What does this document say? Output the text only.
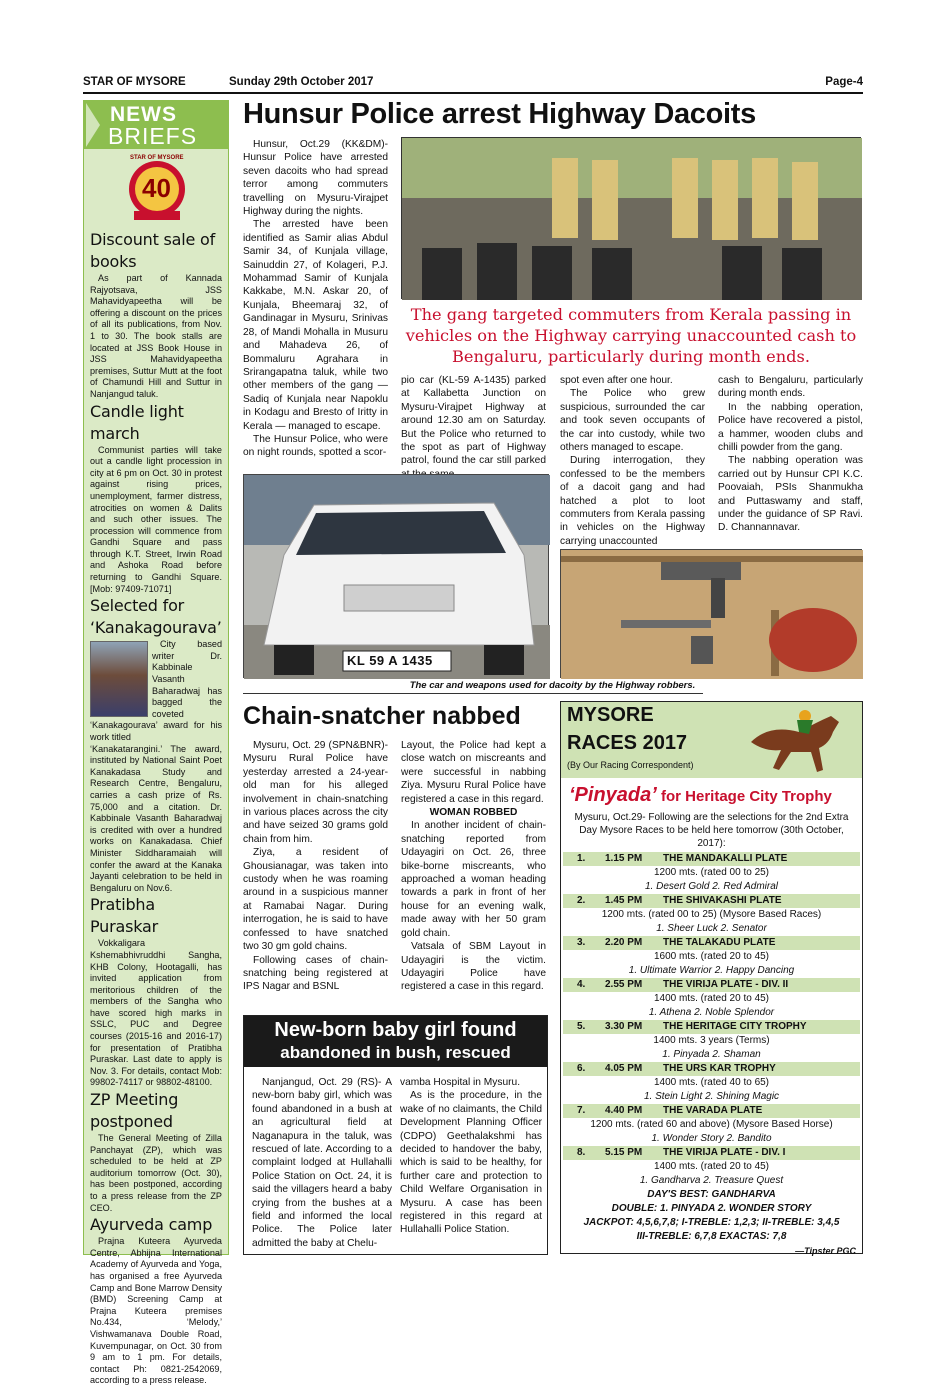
STAR OF MYSORE	Sunday 29th October 2017	Page-4
NEWS
BRIEFS
STAR OF MYSORE
40
Discount sale of books

As part of Kannada Rajyotsava, JSS Mahavidyapeetha will be offering a discount on the prices of all its publications, from Nov. 1 to 30. The book stalls are located at JSS Book House in JSS Mahavidyapeetha premises, Suttur Mutt at the foot of Chamundi Hill and Suttur in Nanjangud taluk.

Candle light march

Communist parties will take out a candle light procession in city at 6 pm on Oct. 30 in protest against rising prices, unemployment, farmer distress, atrocities on women & Dalits and such other issues. The procession will commence from Gandhi Square and pass through K.T. Street, Irwin Road and Ashoka Road before returning to Gandhi Square. [Mob: 97409-71071]

Selected for ‘Kanakagourava’

City based writer Dr. Kabbinale Vasanth Baharadwaj has bagged the coveted ‘Kanakagourava’ award for his work titled

‘Kanakatarangini.’ The award, instituted by National Saint Poet Kanakadasa Study and Research Centre, Bengaluru, carries a cash prize of Rs. 75,000 and a citation. Dr. Kabbinale Vasanth Baharadwaj is credited with over a hundred works on Kanakadasa. Chief Minister Siddharamaiah will confer the award at the Kanaka Jayanti celebration to be held in Bengaluru on Nov.6.

Pratibha Puraskar

Vokkaligara Kshemabhivruddhi Sangha, KHB Colony, Hootagalli, has invited application from meritorious children of the members of the Sangha who have scored high marks in SSLC, PUC and Degree courses (2015-16 and 2016-17) for presentation of Pratibha Puraskar. Last date to apply is Nov. 3. For details, contact Mob: 99802-74117 or 98802-48100.

ZP Meeting postponed

The General Meeting of Zilla Panchayat (ZP), which was scheduled to be held at ZP auditorium tomorrow (Oct. 30), has been postponed, according to a press release from the ZP CEO.

Ayurveda camp

Prajna Kuteera Ayurveda Centre, Abhijna International Academy of Ayurveda and Yoga, has organised a free Ayurveda Camp and Bone Marrow Density (BMD) Screening Camp at Prajna Kuteera premises No.434, ‘Melody,’ Vishwamanava Double Road, Kuvempunagar, on Oct. 30 from 9 am to 1 pm. For details, contact Ph: 0821-2542069, according to a press release.

Hunsur Police arrest Highway Dacoits

Hunsur, Oct.29 (KK&DM)- Hunsur Police have arrested seven dacoits who had spread terror among commuters travelling on Mysuru-Virajpet Highway during the nights.

The arrested have been identified as Samir alias Abdul Samir 34, of Kunjala village, Sainuddin 27, of Kolageri, P.J. Mohammad Samir of Kunjala Kakkabe, M.N. Askar 20, of Kunjala, Bheemaraj 32, of Gandinagar in Mysuru, Srinivas 28, of Mandi Mohalla in Musuru and Mahadeva 26, of Bommaluru Agrahara in Srirangapatna taluk, while two other members of the gang — Sadiq of Kunjala near Napoklu in Kodagu and Bresto of Iritty in Kerala — managed to escape.

The Hunsur Police, who were on night rounds, spotted a scor-

The gang targeted commuters from Kerala passing in vehicles on the Highway carrying unaccounted cash to Bengaluru, particularly during month ends.

pio car (KL-59 A-1435) parked at Kallabetta Junction on Mysuru-Virajpet Highway at around 12.30 am on Saturday. But the Police who returned to the spot as part of Highway patrol, found the car still parked

spot even after one hour.

The Police who grew suspicious, surrounded the car and took seven occupants of the car into custody, while two others managed to escape.

During interrogation, they confessed to be the members of a dacoit gang and had hatched a plot to loot commuters from Kerala passing in vehicles on the Highway carrying unaccounted

cash to Bengaluru, particularly during month ends.

In the nabbing operation, Police have recovered a pistol, a hammer, wooden clubs and chilli powder from the gang.

The nabbing operation was carried out by Hunsur CPI K.C. Poovaiah, PSIs Shanmukha and Puttaswamy and staff, under the guidance of SP Ravi. D. Channannavar.

KL 59 A 1435
The car and weapons used for dacoity by the Highway robbers.
Chain-snatcher nabbed

Mysuru, Oct. 29 (SPN&BNR)- Mysuru Rural Police have yesterday arrested a 24-year-old man for his alleged involvement in chain-snatching in various places across the city and have seized 30 grams gold chain from him.

Ziya, a resident of Ghousianagar, was taken into custody when he was roaming around in a suspicious manner at Ramabai Nagar. During interrogation, he is said to have confessed to have snatched two 30 gm gold chains.

Following cases of chain-snatching being registered at IPS Nagar and BSNL

Layout, the Police had kept a close watch on miscreants and were successful in nabbing Ziya. Mysuru Rural Police have registered a case in this regard.

WOMAN ROBBED

In another incident of chain-snatching reported from Udayagiri on Oct. 26, three bike-borne miscreants, who approached a woman heading towards a park in front of her house for an evening walk, made away with her 50 gram gold chain.

Vatsala of SBM Layout in Udayagiri is the victim. Udayagiri Police have registered a case in this regard.

New-born baby girl found
abandoned in bush, rescued

Nanjangud, Oct. 29 (RS)- A new-born baby girl, which was found abandoned in a bush at an agricultural field at Naganapura in the taluk, was rescued of late. According to a complaint lodged at Hullahalli Police Station on Oct. 24, it is said the villagers heard a baby crying from the bushes at a field and informed the local Police. The Police later admitted the baby at Chelu-

vamba Hospital in Mysuru.

As is the procedure, in the wake of no claimants, the Child Development Planning Officer (CDPO) Geethalakshmi has decided to handover the baby, which is said to be healthy, for further care and protection to Child Welfare Organisation in Mysuru. A case has been registered in this regard at Hullahalli Police Station.

MYSORE
RACES 2017
(By Our Racing Correspondent)
‘Pinyada’ for Heritage City Trophy
Mysuru, Oct.29- Following are the selections for the 2nd Extra Day Mysore Races to be held here tomorrow (30th October, 2017):
1.	1.15 PM	THE MANDAKALLI PLATE
1200 mts. (rated 00 to 25)
1. Desert Gold 2. Red Admiral
2.	1.45 PM	THE SHIVAKASHI PLATE
1200 mts. (rated 00 to 25) (Mysore Based Races)
1. Sheer Luck 2. Senator
3.	2.20 PM	THE TALAKADU PLATE
1600 mts. (rated 20 to 45)
1. Ultimate Warrior 2. Happy Dancing
4.	2.55 PM	THE VIRIJA PLATE - DIV. II
1400 mts. (rated 20 to 45)
1. Athena 2. Noble Splendor
5.	3.30 PM	THE HERITAGE CITY TROPHY
1400 mts. 3 years (Terms)
1. Pinyada 2. Shaman
6.	4.05 PM	THE URS KAR TROPHY
1400 mts. (rated 40 to 65)
1. Stein Light 2. Shining Magic
7.	4.40 PM	THE VARADA PLATE
1200 mts. (rated 60 and above) (Mysore Based Horse)
1. Wonder Story 2. Bandito
8.	5.15 PM	THE VIRIJA PLATE - DIV. I
1400 mts. (rated 20 to 45)
1. Gandharva 2. Treasure Quest
DAY'S BEST: GANDHARVA
DOUBLE: 1. PINYADA 2. WONDER STORY
JACKPOT: 4,5,6,7,8; I-TREBLE: 1,2,3; II-TREBLE: 3,4,5
III-TREBLE: 6,7,8 EXACTAS: 7,8
—Tipster PGC
